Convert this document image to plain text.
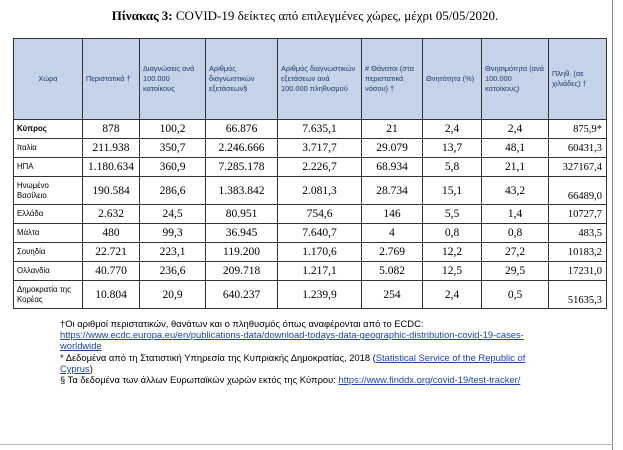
Πίνακας 3: COVID-19 δείκτες από επιλεγμένες χώρες, μέχρι 05/05/2020.
Χώρα	Περιστατικά †	Διαγνώσεις ανά 100.000 κατοίκους	Αριθμός διαγνωστικών εξετάσεων§	Αριθμός διαγνωστικών εξετάσεων ανά 100.000 πληθυσμού	# Θάνατοι (στα περιστατικά νόσου) †	Θνητότητα (%)	Θνησιμότητα (ανά 100.000 κατοίκους)	Πληθ. (σε χιλιάδες) †
Κύπρος	878	100,2	66.876	7.635,1	21	2,4	2,4	875,9*
Ιταλία	211.938	350,7	2.246.666	3.717,7	29.079	13,7	48,1	60431,3
ΗΠΑ	1.180.634	360,9	7.285.178	2.226,7	68.934	5,8	21,1	327167,4
Ηνωμένο Βασίλειο	190.584	286,6	1.383.842	2.081,3	28.734	15,1	43,2	66489,0
Ελλάδα	2.632	24,5	80.951	754,6	146	5,5	1,4	10727,7
Μάλτα	480	99,3	36.945	7.640,7	4	0,8	0,8	483,5
Σουηδία	22.721	223,1	119.200	1.170,6	2.769	12,2	27,2	10183,2
Ολλανδία	40.770	236,6	209.718	1.217,1	5.082	12,5	29,5	17231,0
Δημοκρατία της Κορέας	10.804	20,9	640.237	1.239,9	254	2,4	0,5	51635,3

†Οι αριθμοί περιστατικών, θανάτων και ο πληθυσμός όπως αναφέρονται από το ECDC:
https://www.ecdc.europa.eu/en/publications-data/download-todays-data-geographic-distribution-covid-19-cases-worldwide

* Δεδομένα από τη Στατιστική Υπηρεσία της Κυπριακής Δημοκρατίας, 2018 (Statistical Service of the Republic of Cyprus)

§ Τα δεδομένα των άλλων Ευρωπαϊκών χωρών εκτός της Κύπρου: https://www.finddx.org/covid-19/test-tracker/
